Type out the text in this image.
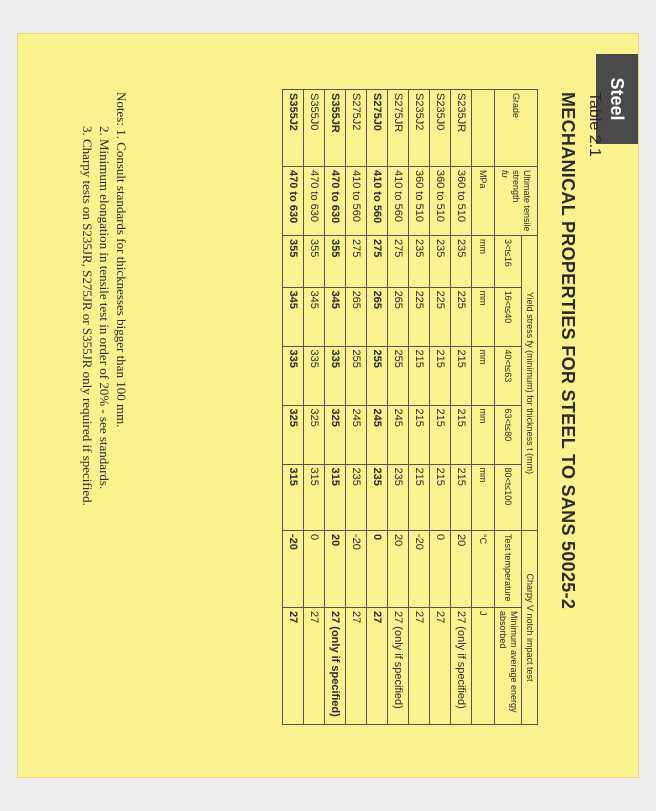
Steel
Table 2.1
MECHANICAL PROPERTIES FOR STEEL TO SANS 50025-2
Grade	Ultimate tensile strength
fu	Yield stress fy (minimum) for thickness t (mm)					Charpy V notch impact test	
		3<t≤16	16<t≤40	40<t≤63	63<t≤80	80<t≤100	Test temperature	Minimum average energy absorbed
	MPa	mm	mm	mm	mm	mm	°C	J
S235JR	360 to 510	235	225	215	215	215	20	27 (only if specified)
S235J0	360 to 510	235	225	215	215	215	0	27
S235J2	360 to 510	235	225	215	215	215	-20	27
S275JR	410 to 560	275	265	255	245	235	20	27 (only if specified)
S275J0	410 to 560	275	265	255	245	235	0	27
S275J2	410 to 560	275	265	255	245	235	-20	27
S355JR	470 to 630	355	345	335	325	315	20	27 (only if specified)
S355J0	470 to 630	355	345	335	325	315	0	27
S355J2	470 to 630	355	345	335	325	315	-20	27
Notes: 1. Consult standards for thicknesses bigger than 100 mm.
2. Minimum elongation in tensile test in order of 20% - see standards.
3. Charpy tests on S235JR, S275JR or S355JR only required if specified.
